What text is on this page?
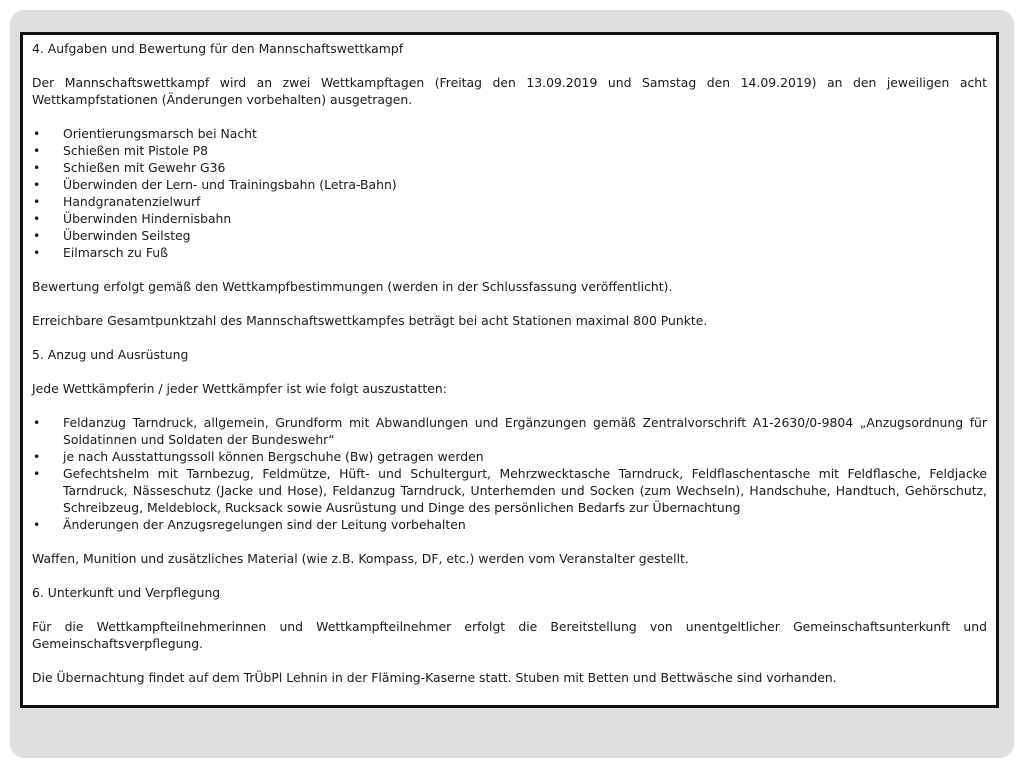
4. Aufgaben und Bewertung für den Mannschaftswettkampf

Der Mannschaftswettkampf wird an zwei Wettkampftagen (Freitag den 13.09.2019 und Samstag den 14.09.2019) an den jeweiligen acht Wettkampfstationen (Änderungen vorbehalten) ausgetragen.

• Orientierungsmarsch bei Nacht
• Schießen mit Pistole P8
• Schießen mit Gewehr G36
• Überwinden der Lern- und Trainingsbahn (Letra-Bahn)
• Handgranatenzielwurf
• Überwinden Hindernisbahn
• Überwinden Seilsteg
• Eilmarsch zu Fuß

Bewertung erfolgt gemäß den Wettkampfbestimmungen (werden in der Schlussfassung veröffentlicht).

Erreichbare Gesamtpunktzahl des Mannschaftswettkampfes beträgt bei acht Stationen maximal 800 Punkte.

5. Anzug und Ausrüstung

Jede Wettkämpferin / jeder Wettkämpfer ist wie folgt auszustatten:

• Feldanzug Tarndruck, allgemein, Grundform mit Abwandlungen und Ergänzungen gemäß Zentralvorschrift A1-2630/0-9804 „Anzugsordnung für Soldatinnen und Soldaten der Bundeswehr“
• je nach Ausstattungssoll können Bergschuhe (Bw) getragen werden
• Gefechtshelm mit Tarnbezug, Feldmütze, Hüft- und Schultergurt, Mehrzwecktasche Tarndruck, Feldflaschentasche mit Feldflasche, Feldjacke Tarndruck, Nässeschutz (Jacke und Hose), Feldanzug Tarndruck, Unterhemden und Socken (zum Wechseln), Handschuhe, Handtuch, Gehörschutz, Schreibzeug, Meldeblock, Rucksack sowie Ausrüstung und Dinge des persönlichen Bedarfs zur Übernachtung
• Änderungen der Anzugsregelungen sind der Leitung vorbehalten

Waffen, Munition und zusätzliches Material (wie z.B. Kompass, DF, etc.) werden vom Veranstalter gestellt.

6. Unterkunft und Verpflegung

Für die Wettkampfteilnehmerinnen und Wettkampfteilnehmer erfolgt die Bereitstellung von unentgeltlicher Gemeinschaftsunterkunft und Gemeinschaftsverpflegung.

Die Übernachtung findet auf dem TrÜbPl Lehnin in der Fläming-Kaserne statt. Stuben mit Betten und Bettwäsche sind vorhanden.
